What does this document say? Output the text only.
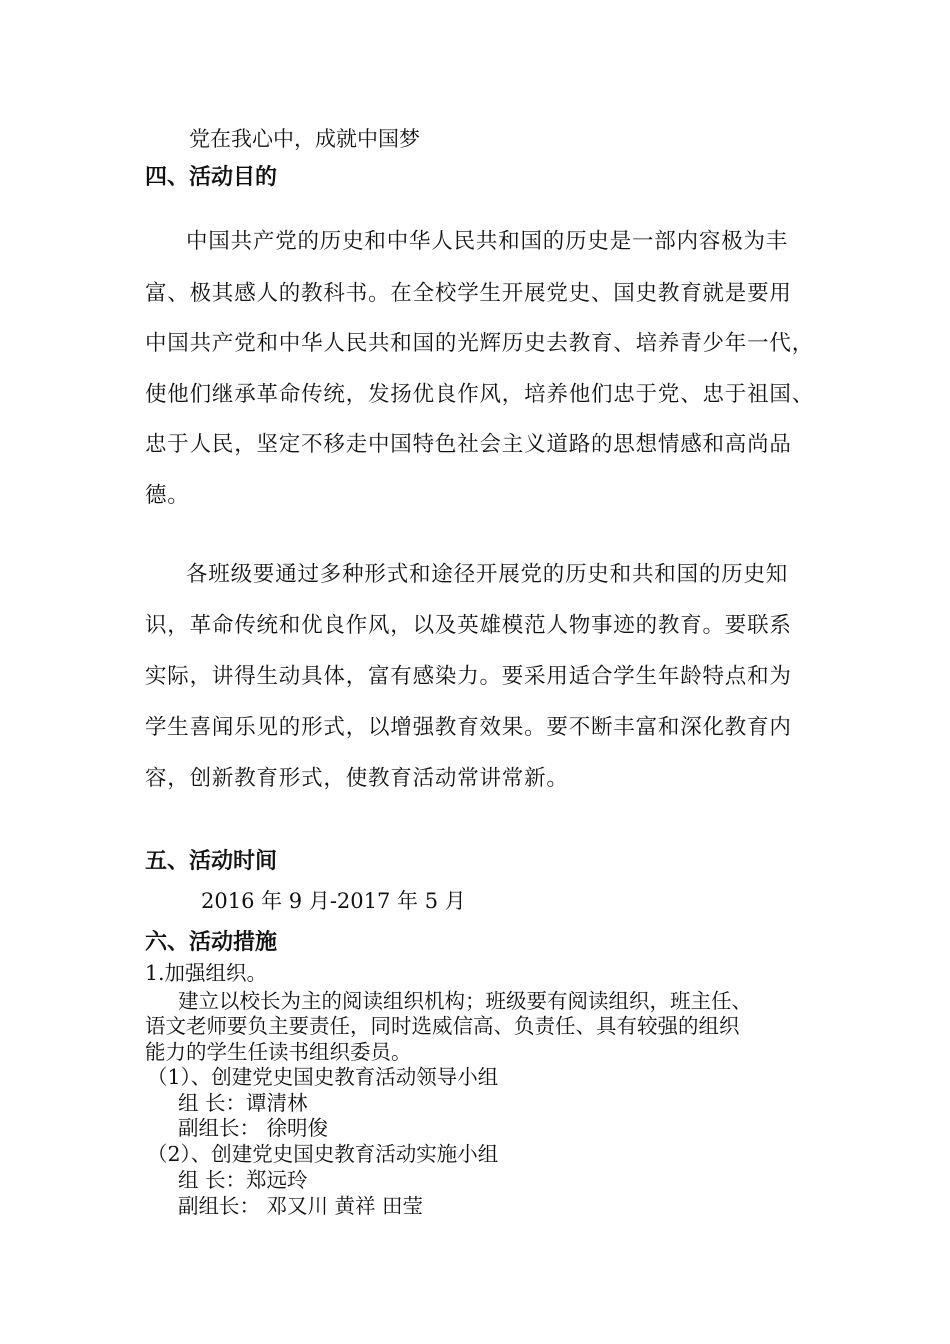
党在我心中，成就中国梦
四、活动目的
中国共产党的历史和中华人民共和国的历史是一部内容极为丰
富、极其感人的教科书。在全校学生开展党史、国史教育就是要用
中国共产党和中华人民共和国的光辉历史去教育、培养青少年一代，
使他们继承革命传统，发扬优良作风，培养他们忠于党、忠于祖国、
忠于人民，坚定不移走中国特色社会主义道路的思想情感和高尚品
德。
各班级要通过多种形式和途径开展党的历史和共和国的历史知
识，革命传统和优良作风，以及英雄模范人物事迹的教育。要联系
实际，讲得生动具体，富有感染力。要采用适合学生年龄特点和为
学生喜闻乐见的形式，以增强教育效果。要不断丰富和深化教育内
容，创新教育形式，使教育活动常讲常新。
五、活动时间
2016 年 9 月-2017 年 5 月
六、活动措施
1.加强组织。
建立以校长为主的阅读组织机构；班级要有阅读组织，班主任、
语文老师要负主要责任，同时选威信高、负责任、具有较强的组织
能力的学生任读书组织委员。
（1）、创建党史国史教育活动领导小组
组 长：谭清林
副组长： 徐明俊
（2）、创建党史国史教育活动实施小组
组 长：郑远玲
副组长： 邓又川 黄祥 田莹
